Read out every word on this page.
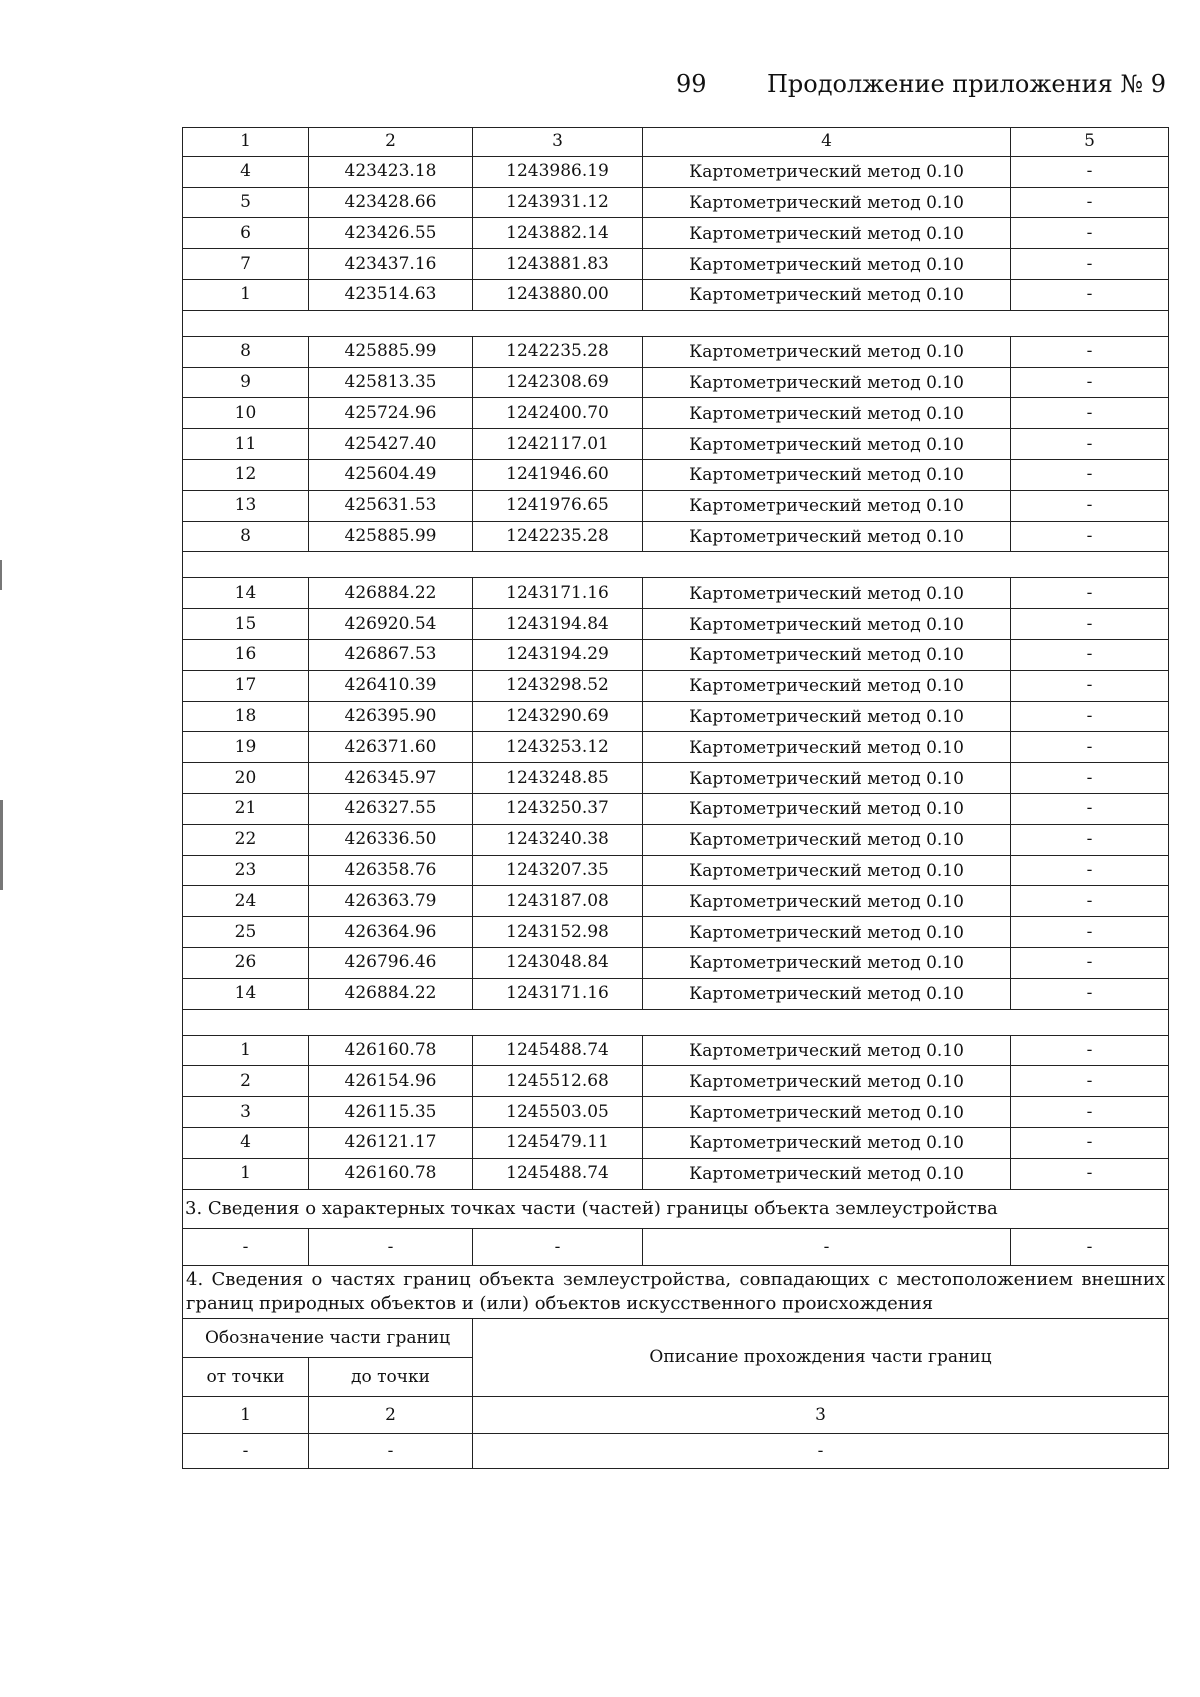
99	Продолжение приложения № 9
1	2	3	4	5
4	423423.18	1243986.19	Картометрический метод 0.10	-
5	423428.66	1243931.12	Картометрический метод 0.10	-
6	423426.55	1243882.14	Картометрический метод 0.10	-
7	423437.16	1243881.83	Картометрический метод 0.10	-
1	423514.63	1243880.00	Картометрический метод 0.10	-

8	425885.99	1242235.28	Картометрический метод 0.10	-
9	425813.35	1242308.69	Картометрический метод 0.10	-
10	425724.96	1242400.70	Картометрический метод 0.10	-
11	425427.40	1242117.01	Картометрический метод 0.10	-
12	425604.49	1241946.60	Картометрический метод 0.10	-
13	425631.53	1241976.65	Картометрический метод 0.10	-
8	425885.99	1242235.28	Картометрический метод 0.10	-

14	426884.22	1243171.16	Картометрический метод 0.10	-
15	426920.54	1243194.84	Картометрический метод 0.10	-
16	426867.53	1243194.29	Картометрический метод 0.10	-
17	426410.39	1243298.52	Картометрический метод 0.10	-
18	426395.90	1243290.69	Картометрический метод 0.10	-
19	426371.60	1243253.12	Картометрический метод 0.10	-
20	426345.97	1243248.85	Картометрический метод 0.10	-
21	426327.55	1243250.37	Картометрический метод 0.10	-
22	426336.50	1243240.38	Картометрический метод 0.10	-
23	426358.76	1243207.35	Картометрический метод 0.10	-
24	426363.79	1243187.08	Картометрический метод 0.10	-
25	426364.96	1243152.98	Картометрический метод 0.10	-
26	426796.46	1243048.84	Картометрический метод 0.10	-
14	426884.22	1243171.16	Картометрический метод 0.10	-

1	426160.78	1245488.74	Картометрический метод 0.10	-
2	426154.96	1245512.68	Картометрический метод 0.10	-
3	426115.35	1245503.05	Картометрический метод 0.10	-
4	426121.17	1245479.11	Картометрический метод 0.10	-
1	426160.78	1245488.74	Картометрический метод 0.10	-
3. Сведения о характерных точках части (частей) границы объекта землеустройства				
-	-	-	-	-
4. Сведения о частях границ объекта землеустройства, совпадающих с местоположением внешних границ природных объектов и (или) объектов искусственного происхождения				
Обозначение части границ		Описание прохождения части границ		
от точки	до точки			
1	2	3		
-	-	-		
